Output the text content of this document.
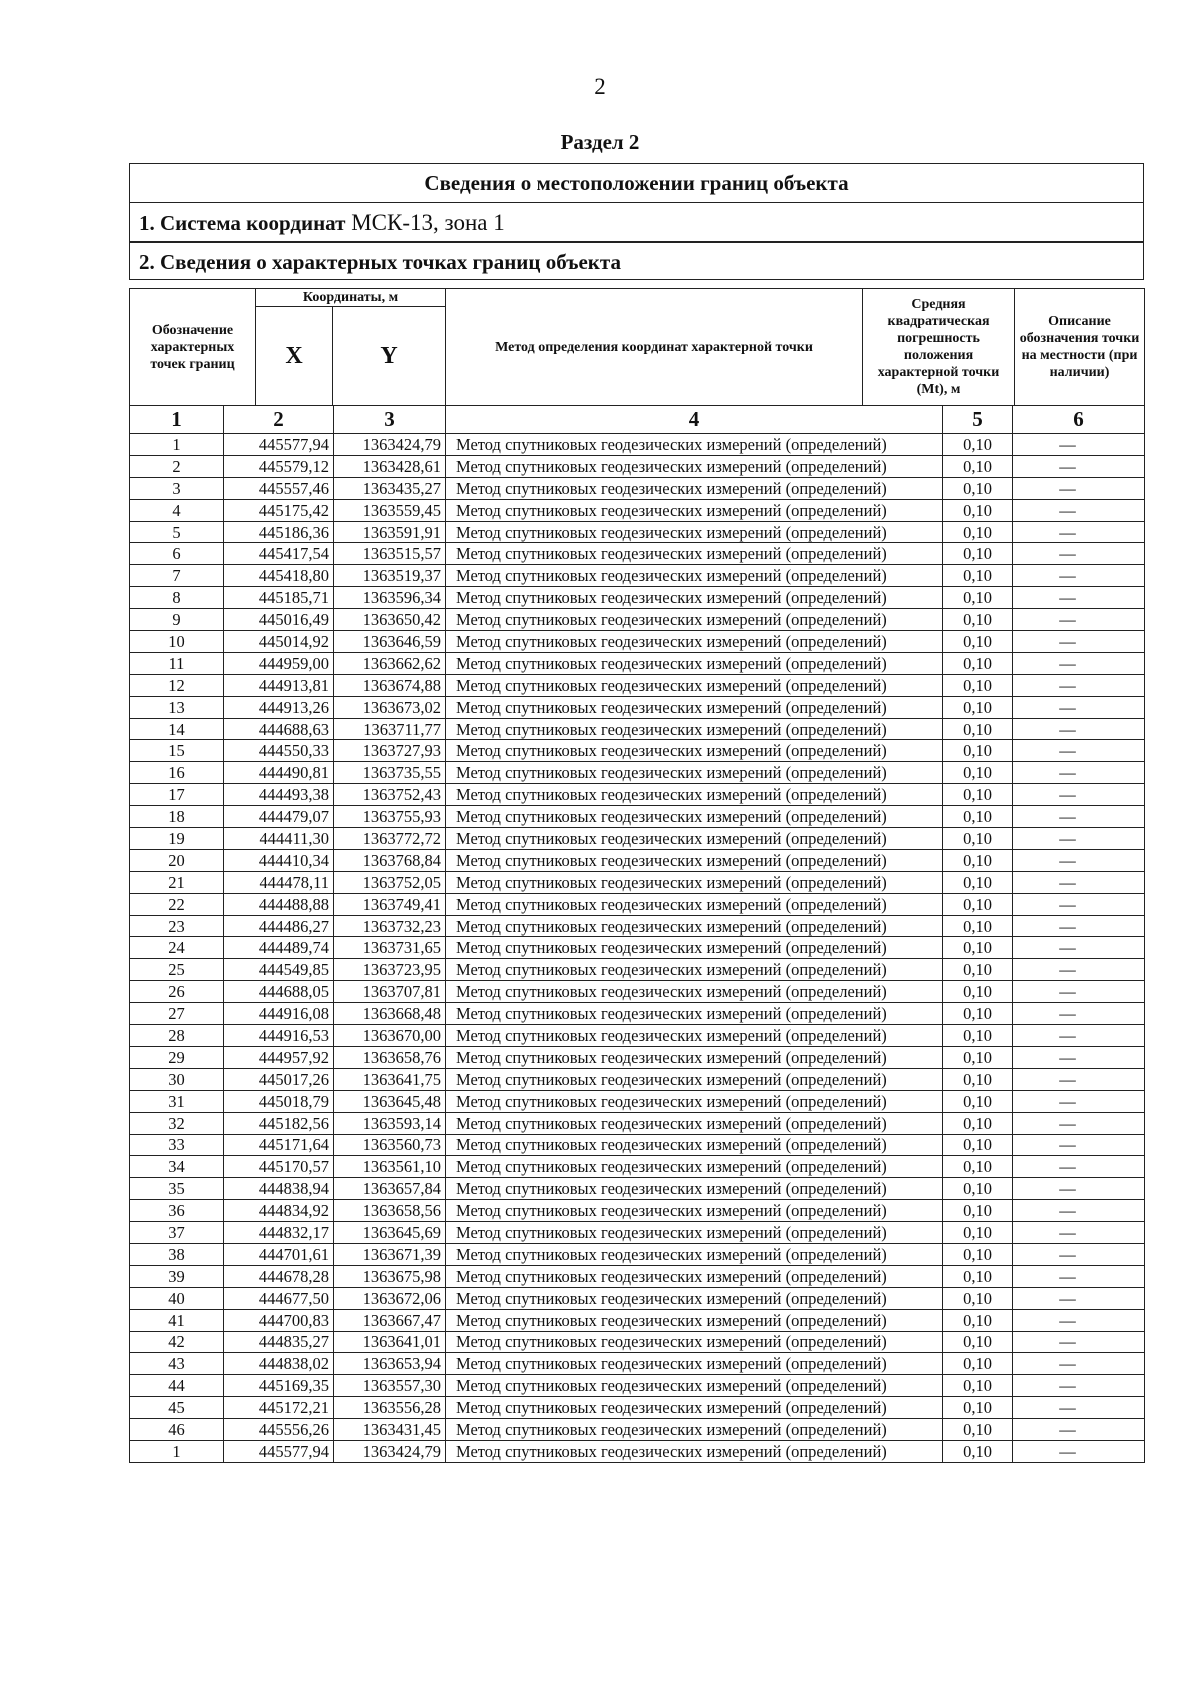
2
Раздел 2
Сведения о местоположении границ объекта
1. Система координат МСК-13, зона 1
2. Сведения о характерных точках границ объекта
Обозначение характерных точек границ	Координаты, м		Метод определения координат характерной точки	Средняя квадратическая погрешность положения характерной точки (Mt), м	Описание обозначения точки на местности (при наличии)
	X	Y			
1	2	3	4	5	6
1	445577,94	1363424,79	Метод спутниковых геодезических измерений (определений)	0,10	—
2	445579,12	1363428,61	Метод спутниковых геодезических измерений (определений)	0,10	—
3	445557,46	1363435,27	Метод спутниковых геодезических измерений (определений)	0,10	—
4	445175,42	1363559,45	Метод спутниковых геодезических измерений (определений)	0,10	—
5	445186,36	1363591,91	Метод спутниковых геодезических измерений (определений)	0,10	—
6	445417,54	1363515,57	Метод спутниковых геодезических измерений (определений)	0,10	—
7	445418,80	1363519,37	Метод спутниковых геодезических измерений (определений)	0,10	—
8	445185,71	1363596,34	Метод спутниковых геодезических измерений (определений)	0,10	—
9	445016,49	1363650,42	Метод спутниковых геодезических измерений (определений)	0,10	—
10	445014,92	1363646,59	Метод спутниковых геодезических измерений (определений)	0,10	—
11	444959,00	1363662,62	Метод спутниковых геодезических измерений (определений)	0,10	—
12	444913,81	1363674,88	Метод спутниковых геодезических измерений (определений)	0,10	—
13	444913,26	1363673,02	Метод спутниковых геодезических измерений (определений)	0,10	—
14	444688,63	1363711,77	Метод спутниковых геодезических измерений (определений)	0,10	—
15	444550,33	1363727,93	Метод спутниковых геодезических измерений (определений)	0,10	—
16	444490,81	1363735,55	Метод спутниковых геодезических измерений (определений)	0,10	—
17	444493,38	1363752,43	Метод спутниковых геодезических измерений (определений)	0,10	—
18	444479,07	1363755,93	Метод спутниковых геодезических измерений (определений)	0,10	—
19	444411,30	1363772,72	Метод спутниковых геодезических измерений (определений)	0,10	—
20	444410,34	1363768,84	Метод спутниковых геодезических измерений (определений)	0,10	—
21	444478,11	1363752,05	Метод спутниковых геодезических измерений (определений)	0,10	—
22	444488,88	1363749,41	Метод спутниковых геодезических измерений (определений)	0,10	—
23	444486,27	1363732,23	Метод спутниковых геодезических измерений (определений)	0,10	—
24	444489,74	1363731,65	Метод спутниковых геодезических измерений (определений)	0,10	—
25	444549,85	1363723,95	Метод спутниковых геодезических измерений (определений)	0,10	—
26	444688,05	1363707,81	Метод спутниковых геодезических измерений (определений)	0,10	—
27	444916,08	1363668,48	Метод спутниковых геодезических измерений (определений)	0,10	—
28	444916,53	1363670,00	Метод спутниковых геодезических измерений (определений)	0,10	—
29	444957,92	1363658,76	Метод спутниковых геодезических измерений (определений)	0,10	—
30	445017,26	1363641,75	Метод спутниковых геодезических измерений (определений)	0,10	—
31	445018,79	1363645,48	Метод спутниковых геодезических измерений (определений)	0,10	—
32	445182,56	1363593,14	Метод спутниковых геодезических измерений (определений)	0,10	—
33	445171,64	1363560,73	Метод спутниковых геодезических измерений (определений)	0,10	—
34	445170,57	1363561,10	Метод спутниковых геодезических измерений (определений)	0,10	—
35	444838,94	1363657,84	Метод спутниковых геодезических измерений (определений)	0,10	—
36	444834,92	1363658,56	Метод спутниковых геодезических измерений (определений)	0,10	—
37	444832,17	1363645,69	Метод спутниковых геодезических измерений (определений)	0,10	—
38	444701,61	1363671,39	Метод спутниковых геодезических измерений (определений)	0,10	—
39	444678,28	1363675,98	Метод спутниковых геодезических измерений (определений)	0,10	—
40	444677,50	1363672,06	Метод спутниковых геодезических измерений (определений)	0,10	—
41	444700,83	1363667,47	Метод спутниковых геодезических измерений (определений)	0,10	—
42	444835,27	1363641,01	Метод спутниковых геодезических измерений (определений)	0,10	—
43	444838,02	1363653,94	Метод спутниковых геодезических измерений (определений)	0,10	—
44	445169,35	1363557,30	Метод спутниковых геодезических измерений (определений)	0,10	—
45	445172,21	1363556,28	Метод спутниковых геодезических измерений (определений)	0,10	—
46	445556,26	1363431,45	Метод спутниковых геодезических измерений (определений)	0,10	—
1	445577,94	1363424,79	Метод спутниковых геодезических измерений (определений)	0,10	—
